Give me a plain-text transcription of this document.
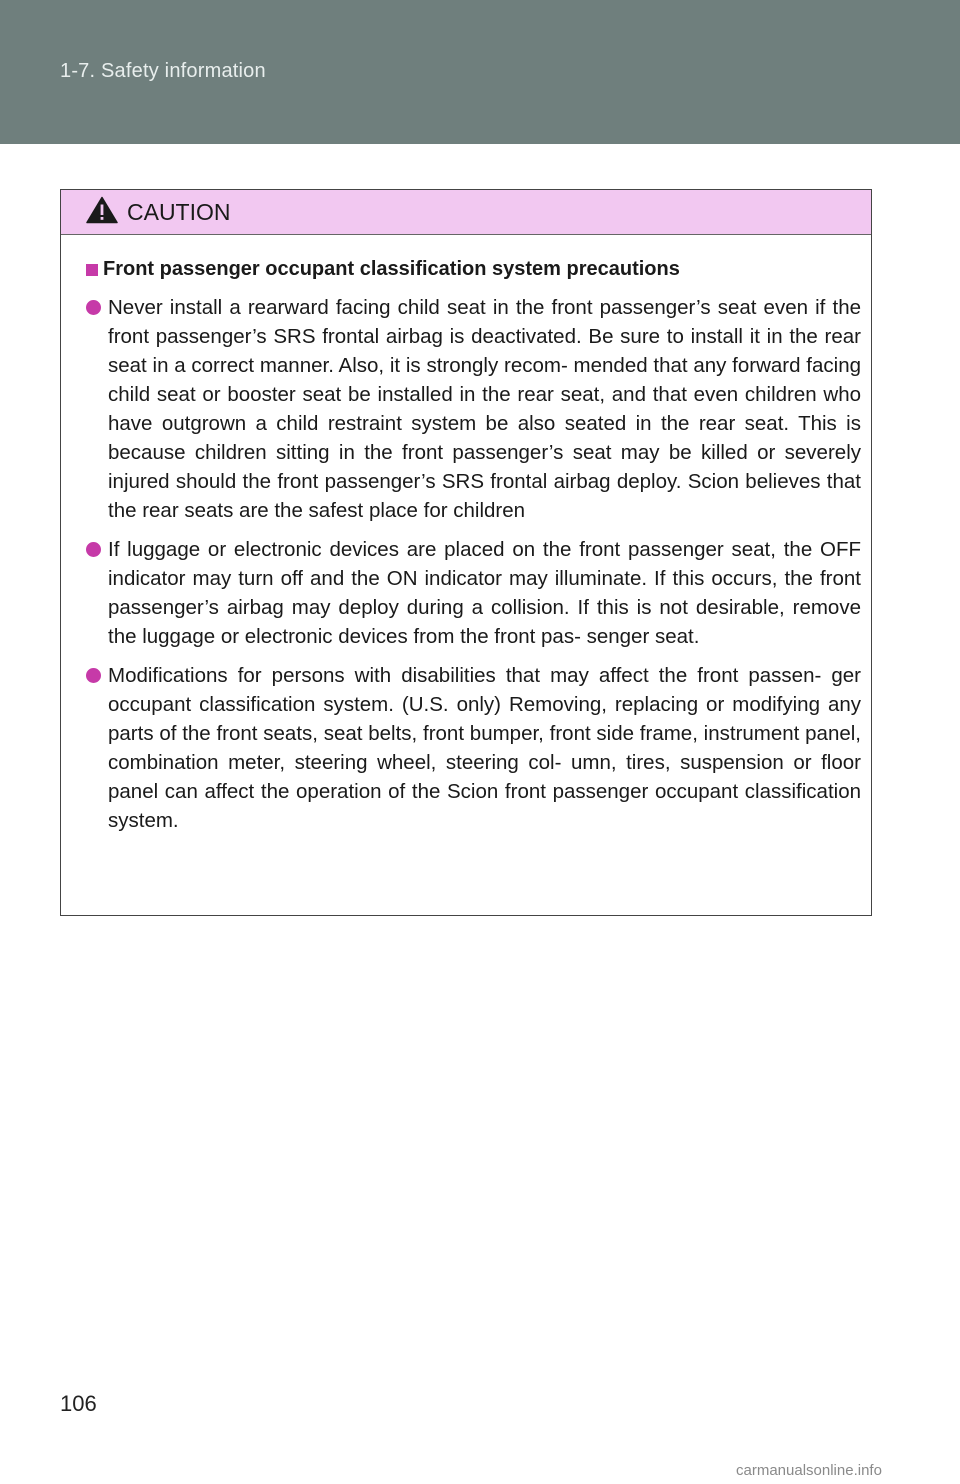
1-7. Safety information
CAUTION
Front passenger occupant classification system precautions
Never install a rearward facing child seat in the front passenger’s seat even if the front passenger’s SRS frontal airbag is deactivated. Be sure to install it in the rear seat in a correct manner. Also, it is strongly recom- mended that any forward facing child seat or booster seat be installed in the rear seat, and that even children who have outgrown a child restraint system be also seated in the rear seat. This is because children sitting in the front passenger’s seat may be killed or severely injured should the front passenger’s SRS frontal airbag deploy. Scion believes that the rear seats are the safest place for children
If luggage or electronic devices are placed on the front passenger seat, the OFF indicator may turn off and the ON indicator may illuminate. If this occurs, the front passenger’s airbag may deploy during a collision. If this is not desirable, remove the luggage or electronic devices from the front pas- senger seat.
Modifications for persons with disabilities that may affect the front passen- ger occupant classification system. (U.S. only) Removing, replacing or modifying any parts of the front seats, seat belts, front bumper, front side frame, instrument panel, combination meter, steering wheel, steering col- umn, tires, suspension or floor panel can affect the operation of the Scion front passenger occupant classification system.
106
carmanualsonline.info
